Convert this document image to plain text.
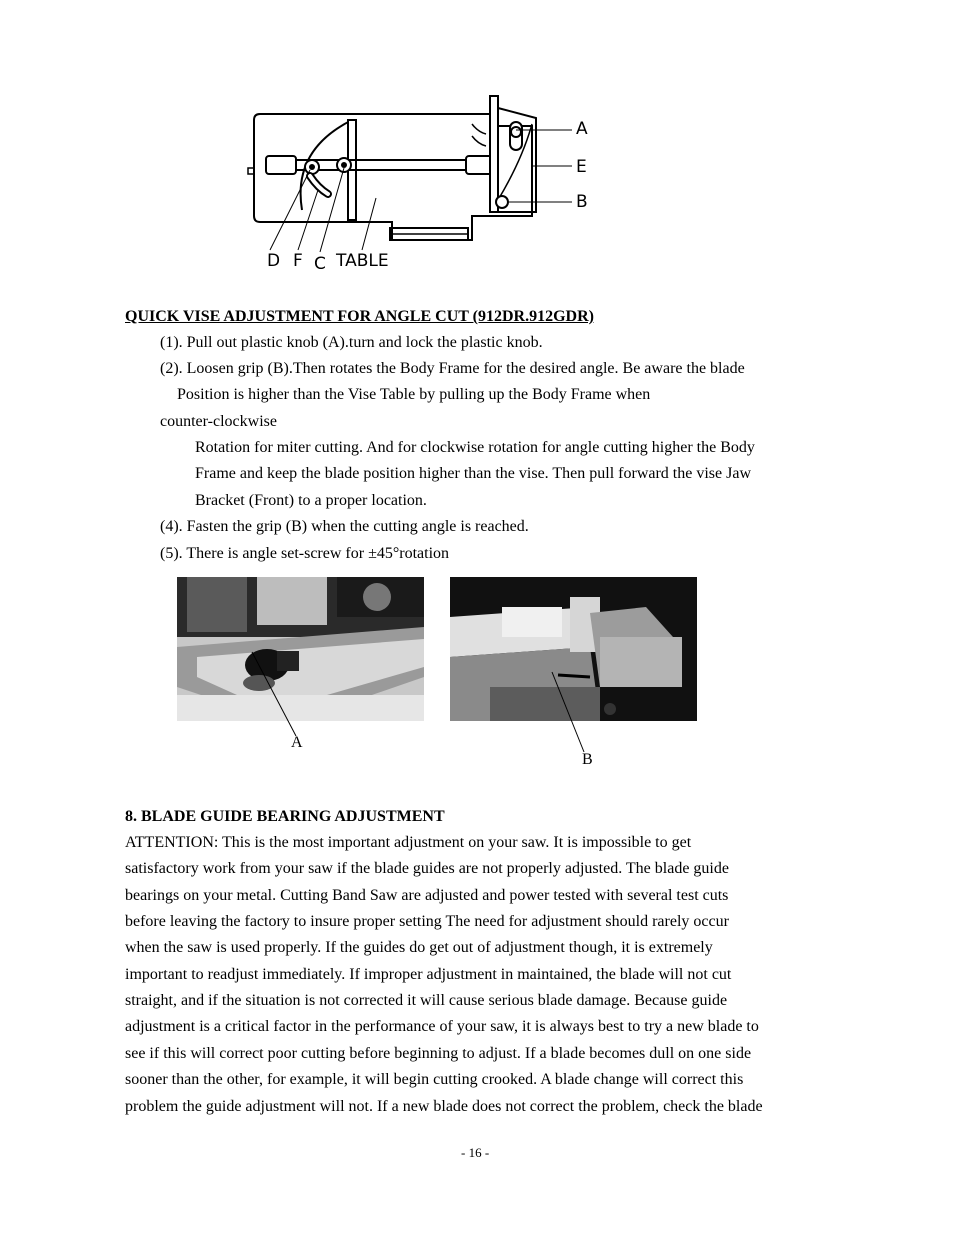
A
E
B
D F C TABLE
QUICK VISE ADJUSTMENT FOR ANGLE CUT (912DR.912GDR)
(1). Pull out plastic knob (A).turn and lock the plastic knob.
(2). Loosen grip (B).Then rotates the Body Frame for the desired angle. Be aware the blade
Position is higher than the Vise Table by pulling up the Body Frame when
counter-clockwise
Rotation for miter cutting. And for clockwise rotation for angle cutting higher the Body
Frame and keep the blade position higher than the vise. Then pull forward the vise Jaw
Bracket (Front) to a proper location.
(4). Fasten the grip (B) when the cutting angle is reached.
(5). There is angle set-screw for ±45°rotation
A
B
8. BLADE GUIDE BEARING ADJUSTMENT
ATTENTION: This is the most important adjustment on your saw. It is impossible to get
satisfactory work from your saw if the blade guides are not properly adjusted. The blade guide
bearings on your metal. Cutting Band Saw are adjusted and power tested with several test cuts
before leaving the factory to insure proper setting The need for adjustment should rarely occur
when the saw is used properly. If the guides do get out of adjustment though, it is extremely
important to readjust immediately. If improper adjustment in maintained, the blade will not cut
straight, and if the situation is not corrected it will cause serious blade damage. Because guide
adjustment is a critical factor in the performance of your saw, it is always best to try a new blade to
see if this will correct poor cutting before beginning to adjust. If a blade becomes dull on one side
sooner than the other, for example, it will begin cutting crooked. A blade change will correct this
problem the guide adjustment will not. If a new blade does not correct the problem, check the blade
- 16 -
